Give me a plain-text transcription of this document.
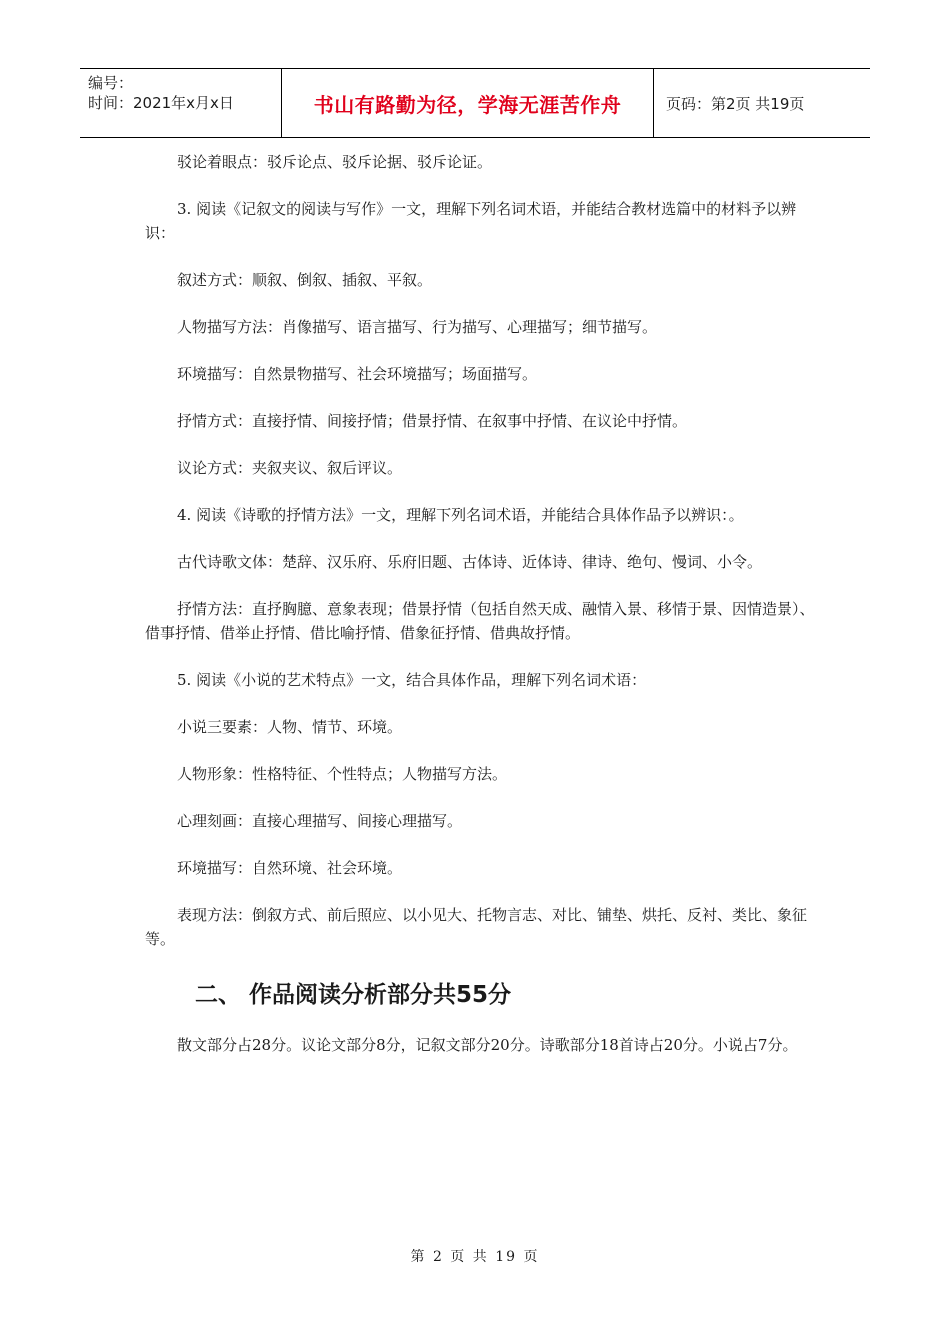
编号：
时间：2021年x月x日	书山有路勤为径，学海无涯苦作舟	页码：第2页 共19页

驳论着眼点：驳斥论点、驳斥论据、驳斥论证。

3. 阅读《记叙文的阅读与写作》一文，理解下列名词术语，并能结合教材选篇中的材料予以辨识：

叙述方式：顺叙、倒叙、插叙、平叙。

人物描写方法：肖像描写、语言描写、行为描写、心理描写；细节描写。

环境描写：自然景物描写、社会环境描写；场面描写。

抒情方式：直接抒情、间接抒情；借景抒情、在叙事中抒情、在议论中抒情。

议论方式：夹叙夹议、叙后评议。

4. 阅读《诗歌的抒情方法》一文，理解下列名词术语，并能结合具体作品予以辨识：。

古代诗歌文体：楚辞、汉乐府、乐府旧题、古体诗、近体诗、律诗、绝句、慢词、小令。

抒情方法：直抒胸臆、意象表现；借景抒情（包括自然天成、融情入景、移情于景、因情造景）、借事抒情、借举止抒情、借比喻抒情、借象征抒情、借典故抒情。

5. 阅读《小说的艺术特点》一文，结合具体作品，理解下列名词术语：

小说三要素：人物、情节、环境。

人物形象：性格特征、个性特点；人物描写方法。

心理刻画：直接心理描写、间接心理描写。

环境描写：自然环境、社会环境。

表现方法：倒叙方式、前后照应、以小见大、托物言志、对比、铺垫、烘托、反衬、类比、象征等。

二、 作品阅读分析部分共55分

散文部分占28分。议论文部分8分，记叙文部分20分。诗歌部分18首诗占20分。小说占7分。

第 2 页 共 19 页
